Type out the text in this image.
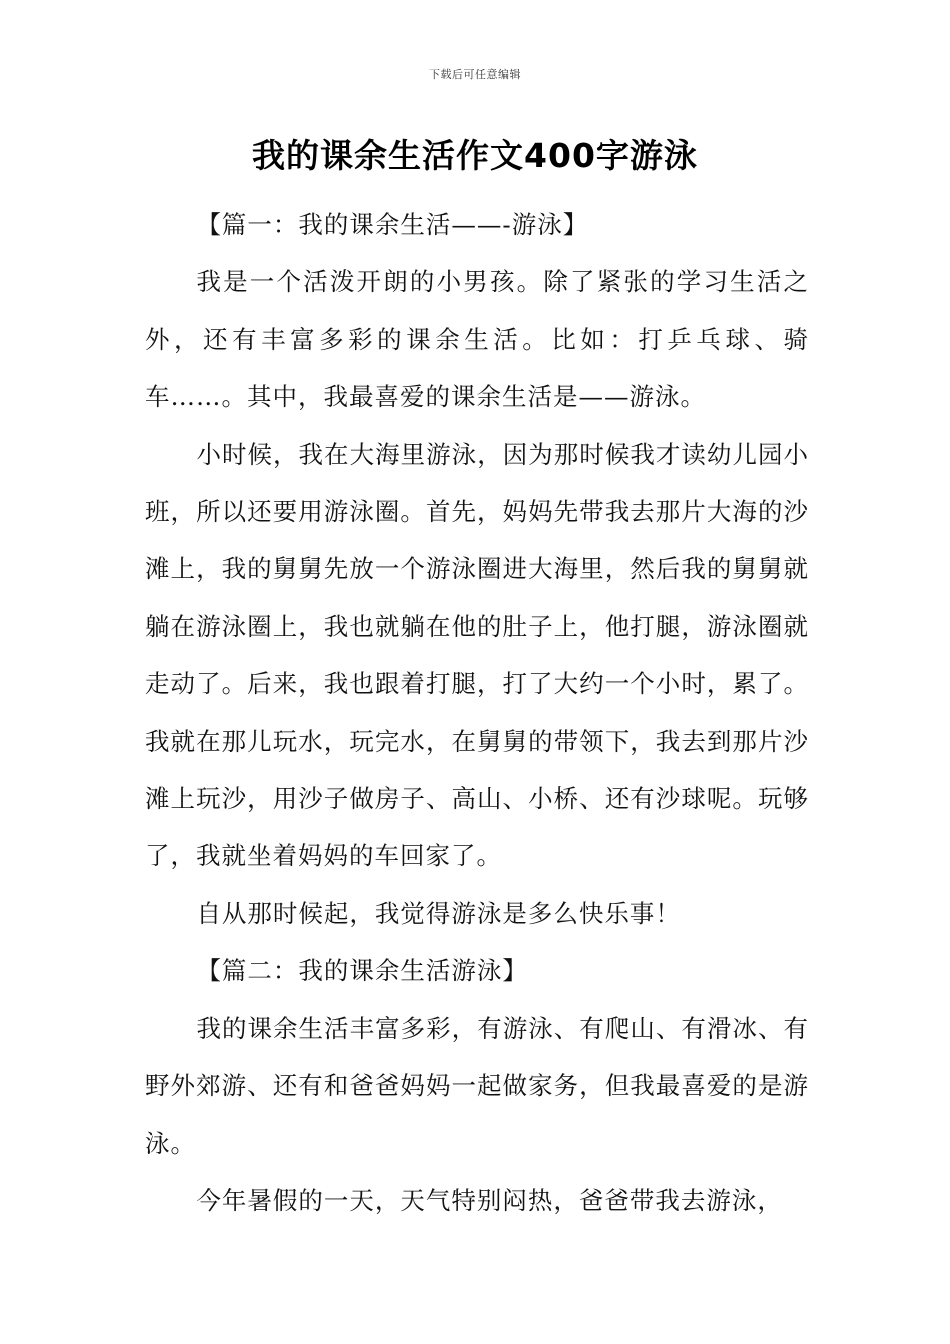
下载后可任意编辑
我的课余生活作文400字游泳

【篇一：我的课余生活——-游泳】

我是一个活泼开朗的小男孩。除了紧张的学习生活之外，还有丰富多彩的课余生活。比如：打乒乓球、骑车……。其中，我最喜爱的课余生活是——游泳。

小时候，我在大海里游泳，因为那时候我才读幼儿园小班，所以还要用游泳圈。首先，妈妈先带我去那片大海的沙滩上，我的舅舅先放一个游泳圈进大海里，然后我的舅舅就躺在游泳圈上，我也就躺在他的肚子上，他打腿，游泳圈就走动了。后来，我也跟着打腿，打了大约一个小时，累了。我就在那儿玩水，玩完水，在舅舅的带领下，我去到那片沙滩上玩沙，用沙子做房子、高山、小桥、还有沙球呢。玩够了，我就坐着妈妈的车回家了。

自从那时候起，我觉得游泳是多么快乐事！

【篇二：我的课余生活游泳】

我的课余生活丰富多彩，有游泳、有爬山、有滑冰、有野外郊游、还有和爸爸妈妈一起做家务，但我最喜爱的是游泳。

今年暑假的一天，天气特别闷热，爸爸带我去游泳，
